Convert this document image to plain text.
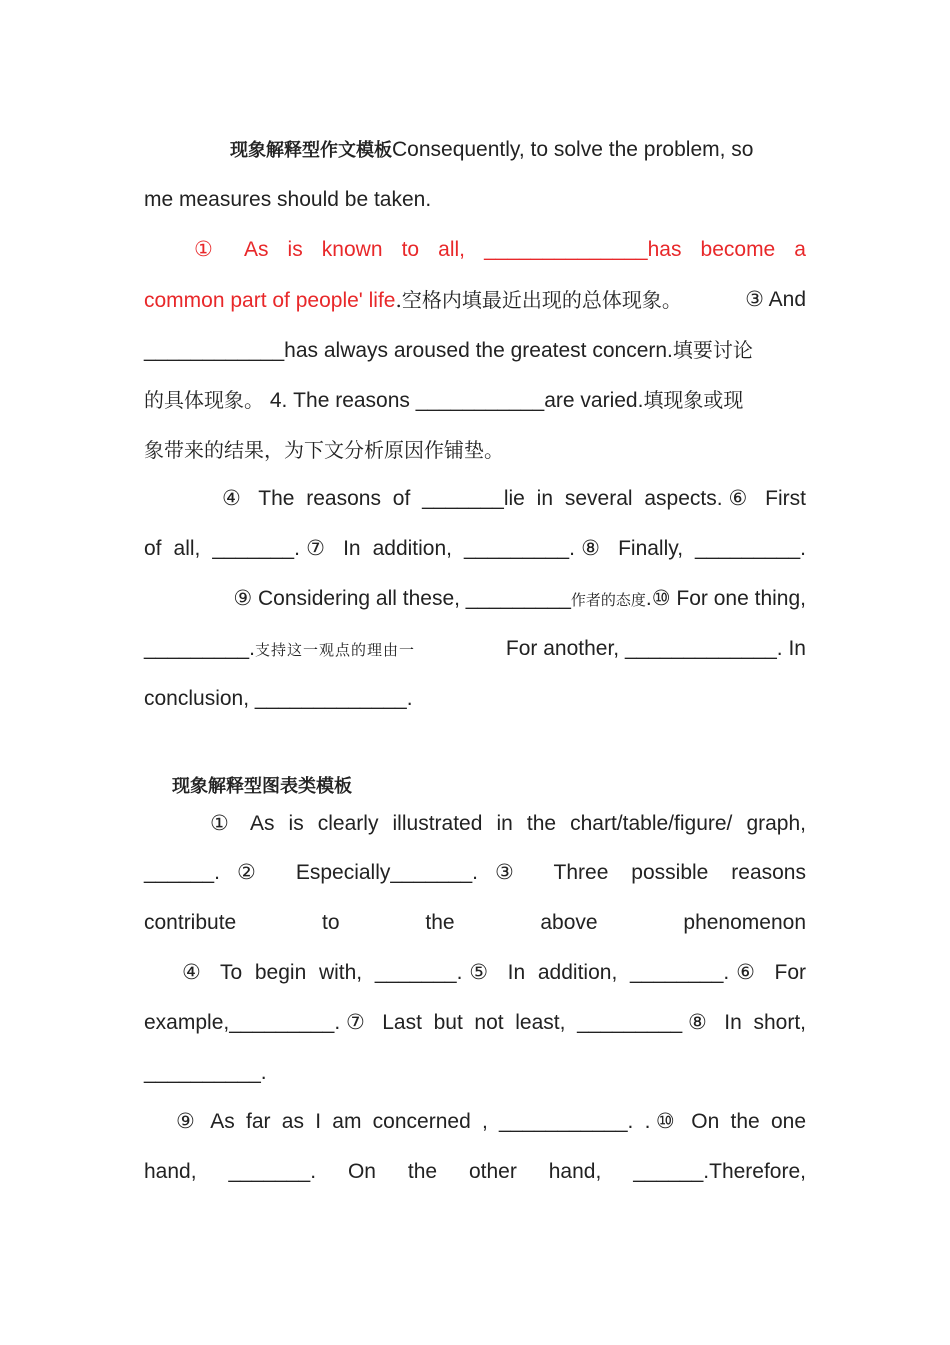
现象解释型作文模板Consequently, to solve the problem, so
me measures should be taken.
① As is known to all, ______________has become a
common part of people' life.空格内填最近出现的总体现象。	③ And
____________has always aroused the greatest concern.填要讨论
的具体现象。 4. The reasons ___________are varied.填现象或现
象带来的结果，为下文分析原因作铺垫。
④ The reasons of _______lie in several aspects.⑥ First
of all, _______.⑦ In addition, _________.⑧ Finally, _________.
⑨ Considering all these, _________作者的态度.⑩ For one thing,
_________.支持这一观点的理由一	For another, _____________. In
conclusion, _____________.
现象解释型图表类模板
① As is clearly illustrated in the chart/table/figure/ graph,
______.② Especially_______.③ Three possible reasons
contribute to the above phenomenon
④ To begin with, _______.⑤ In addition, ________.⑥ For
example,_________.⑦ Last but not least, _________⑧ In short,
__________.
⑨ As far as I am concerned , ___________. .⑩ On the one
hand, _______. On the other hand, ______.Therefore,
